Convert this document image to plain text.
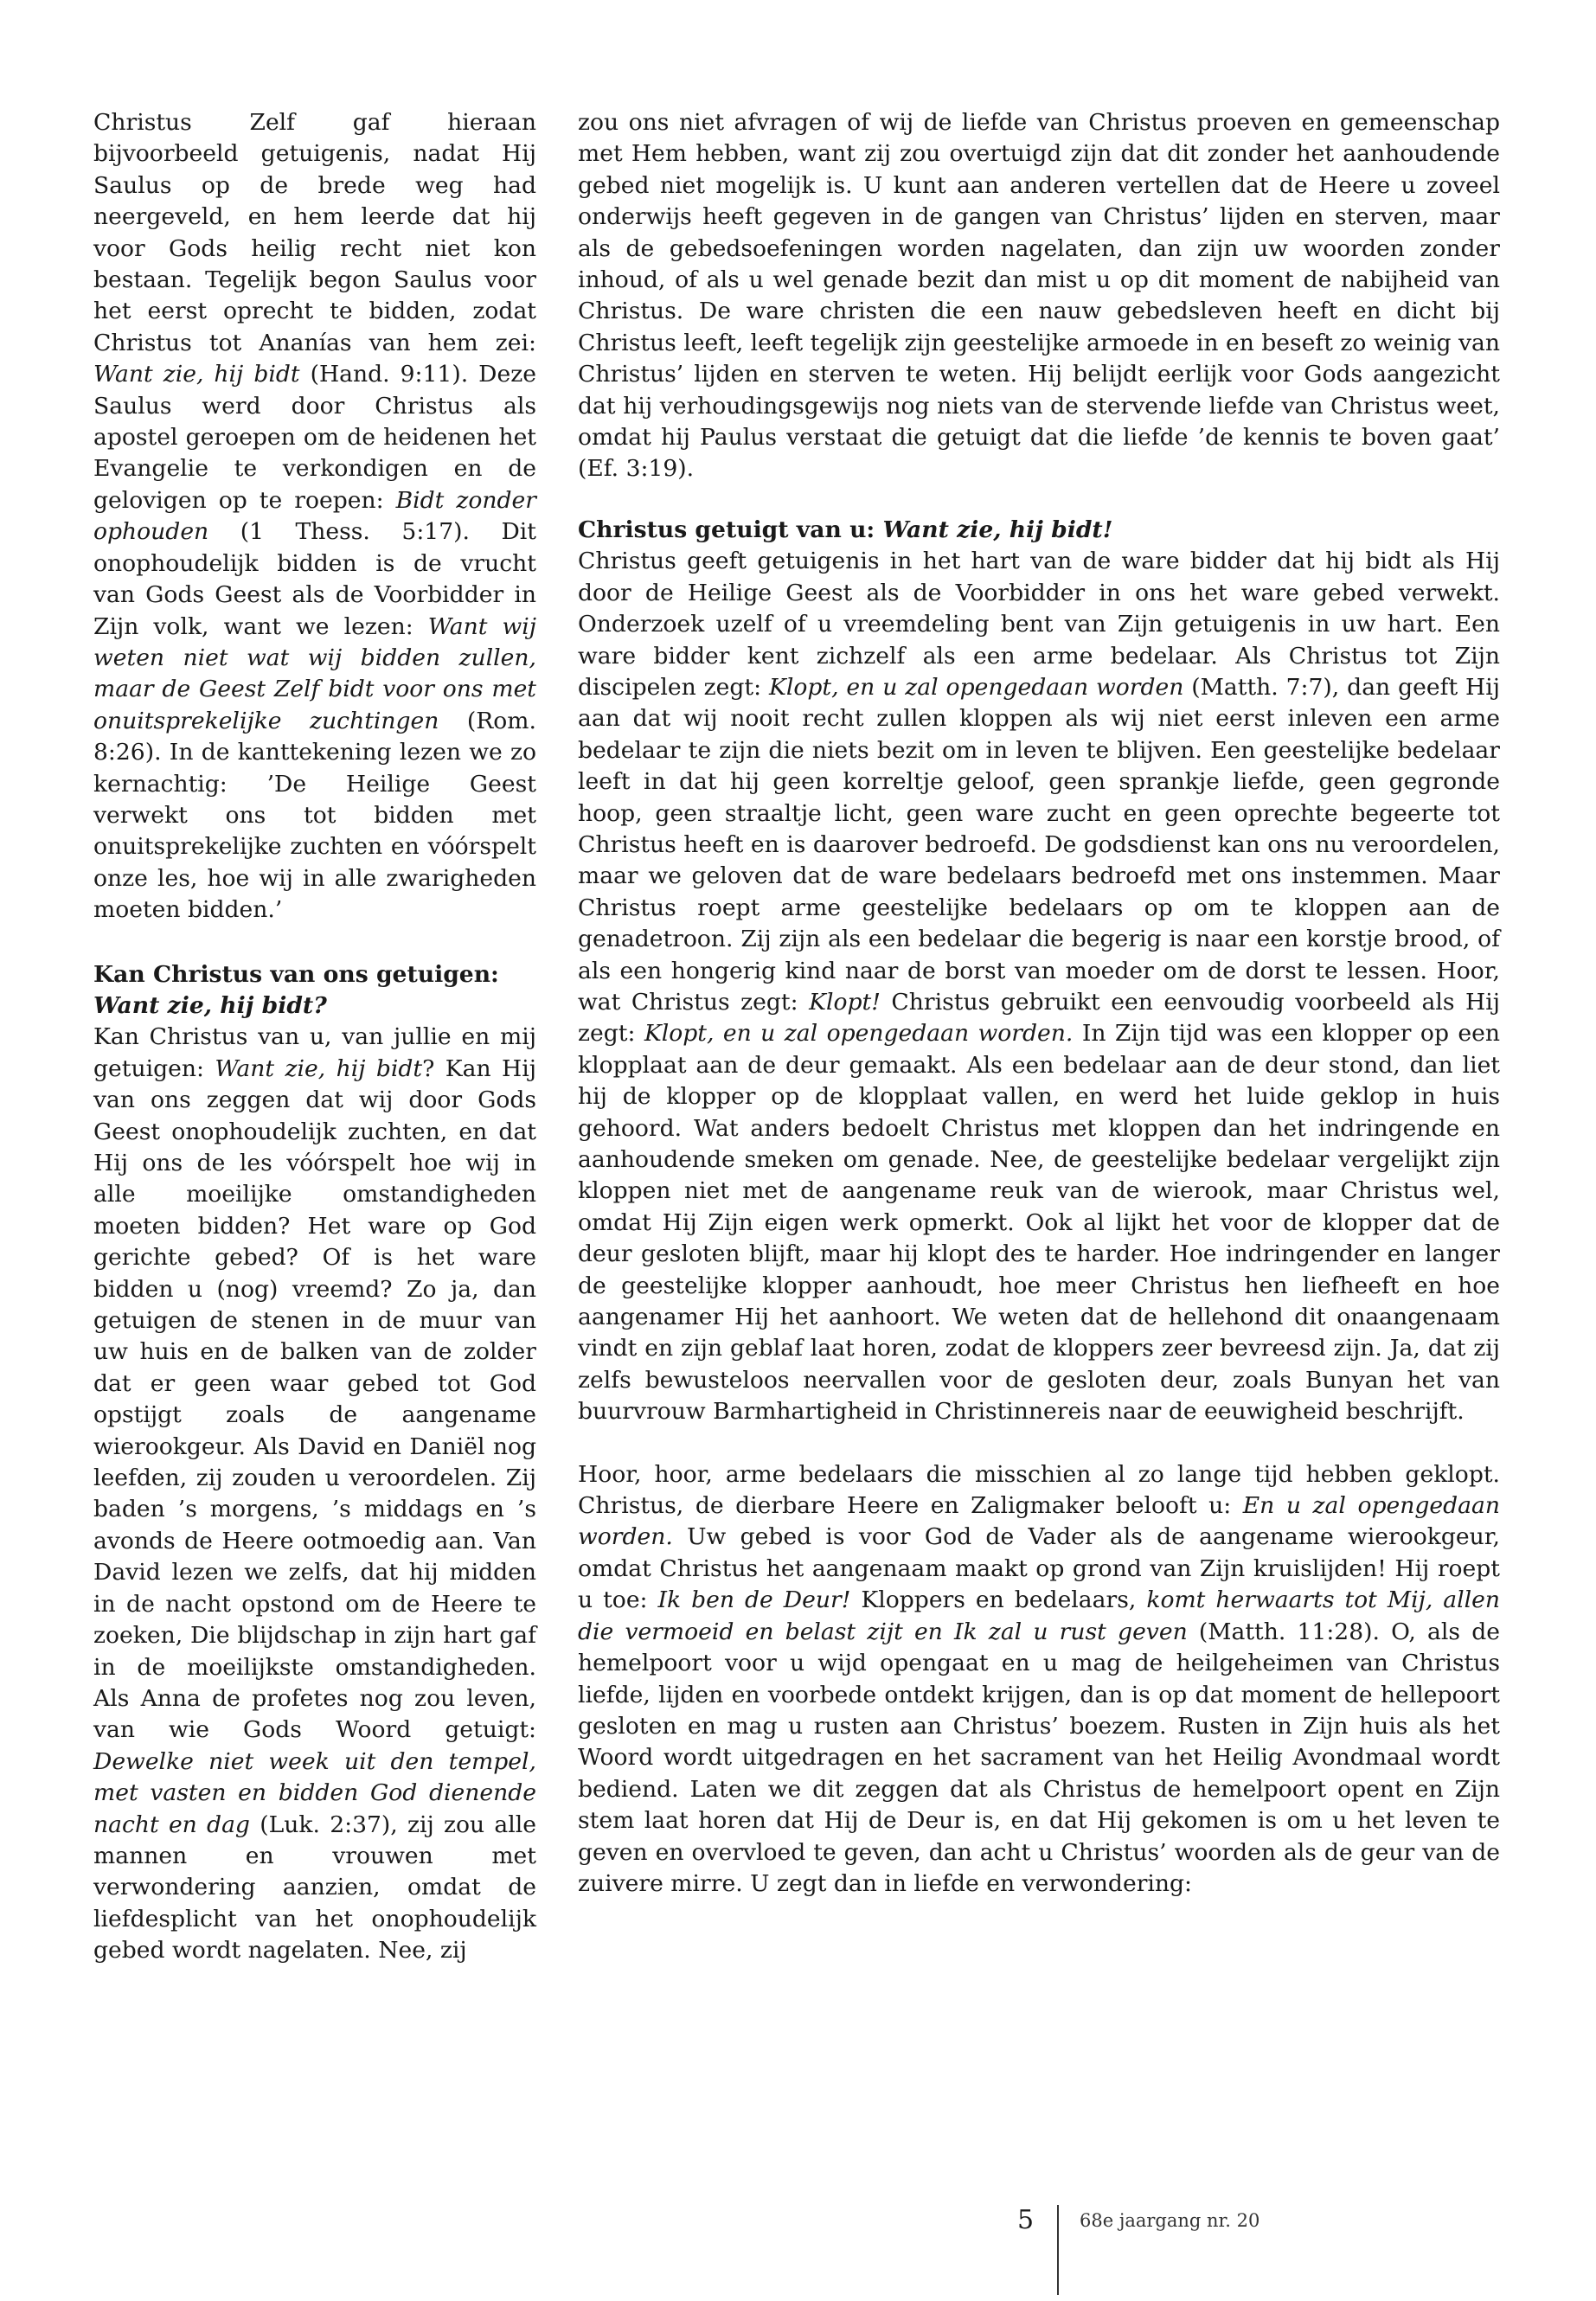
Christus Zelf gaf hieraan bijvoorbeeld getuigenis, nadat Hij Saulus op de brede weg had neergeveld, en hem leerde dat hij voor Gods heilig recht niet kon bestaan. Tegelijk begon Saulus voor het eerst oprecht te bidden, zodat Christus tot Ananías van hem zei: Want zie, hij bidt (Hand. 9:11). Deze Saulus werd door Christus als apostel geroepen om de heidenen het Evangelie te verkondigen en de gelovigen op te roepen: Bidt zonder ophouden (1 Thess. 5:17). Dit onophoudelijk bidden is de vrucht van Gods Geest als de Voorbidder in Zijn volk, want we lezen: Want wij weten niet wat wij bidden zullen, maar de Geest Zelf bidt voor ons met onuitsprekelijke zuchtingen (Rom. 8:26). In de kanttekening lezen we zo kernachtig: ’De Heilige Geest verwekt ons tot bidden met onuitsprekelijke zuchten en vóórspelt onze les, hoe wij in alle zwarigheden moeten bidden.’

Kan Christus van ons getuigen:
Want zie, hij bidt?

Kan Christus van u, van jullie en mij getuigen: Want zie, hij bidt? Kan Hij van ons zeggen dat wij door Gods Geest onophoudelijk zuchten, en dat Hij ons de les vóórspelt hoe wij in alle moeilijke omstandigheden moeten bidden? Het ware op God gerichte gebed? Of is het ware bidden u (nog) vreemd? Zo ja, dan getuigen de stenen in de muur van uw huis en de balken van de zolder dat er geen waar gebed tot God opstijgt zoals de aangename wierookgeur. Als David en Daniël nog leefden, zij zouden u veroordelen. Zij baden ’s morgens, ’s middags en ’s avonds de Heere ootmoedig aan. Van David lezen we zelfs, dat hij midden in de nacht opstond om de Heere te zoeken, Die blijdschap in zijn hart gaf in de moeilijkste omstandigheden. Als Anna de profetes nog zou leven, van wie Gods Woord getuigt: Dewelke niet week uit den tempel, met vasten en bidden God dienende nacht en dag (Luk. 2:37), zij zou alle mannen en vrouwen met verwondering aanzien, omdat de liefdesplicht van het onophoudelijk gebed wordt nagelaten. Nee, zij

zou ons niet afvragen of wij de liefde van Christus proeven en gemeenschap met Hem hebben, want zij zou overtuigd zijn dat dit zonder het aanhoudende gebed niet mogelijk is. U kunt aan anderen vertellen dat de Heere u zoveel onderwijs heeft gegeven in de gangen van Christus’ lijden en sterven, maar als de gebedsoefeningen worden nagelaten, dan zijn uw woorden zonder inhoud, of als u wel genade bezit dan mist u op dit moment de nabijheid van Christus. De ware christen die een nauw gebedsleven heeft en dicht bij Christus leeft, leeft tegelijk zijn geestelijke armoede in en beseft zo weinig van Christus’ lijden en sterven te weten. Hij belijdt eerlijk voor Gods aangezicht dat hij verhoudingsgewijs nog niets van de stervende liefde van Christus weet, omdat hij Paulus verstaat die getuigt dat die liefde ’de kennis te boven gaat’ (Ef. 3:19).

Christus getuigt van u: Want zie, hij bidt!

Christus geeft getuigenis in het hart van de ware bidder dat hij bidt als Hij door de Heilige Geest als de Voorbidder in ons het ware gebed verwekt. Onderzoek uzelf of u vreemdeling bent van Zijn getuigenis in uw hart. Een ware bidder kent zichzelf als een arme bedelaar. Als Christus tot Zijn discipelen zegt: Klopt, en u zal opengedaan worden (Matth. 7:7), dan geeft Hij aan dat wij nooit recht zullen kloppen als wij niet eerst inleven een arme bedelaar te zijn die niets bezit om in leven te blijven. Een geestelijke bedelaar leeft in dat hij geen korreltje geloof, geen sprankje liefde, geen gegronde hoop, geen straaltje licht, geen ware zucht en geen oprechte begeerte tot Christus heeft en is daarover bedroefd. De godsdienst kan ons nu veroordelen, maar we geloven dat de ware bedelaars bedroefd met ons instemmen. Maar Christus roept arme geestelijke bedelaars op om te kloppen aan de genadetroon. Zij zijn als een bedelaar die begerig is naar een korstje brood, of als een hongerig kind naar de borst van moeder om de dorst te lessen. Hoor, wat Christus zegt: Klopt! Christus gebruikt een eenvoudig voorbeeld als Hij zegt: Klopt, en u zal opengedaan worden. In Zijn tijd was een klopper op een klopplaat aan de deur gemaakt. Als een bedelaar aan de deur stond, dan liet hij de klopper op de klopplaat vallen, en werd het luide geklop in huis gehoord. Wat anders bedoelt Christus met kloppen dan het indringende en aanhoudende smeken om genade. Nee, de geestelijke bedelaar vergelijkt zijn kloppen niet met de aangename reuk van de wierook, maar Christus wel, omdat Hij Zijn eigen werk opmerkt. Ook al lijkt het voor de klopper dat de deur gesloten blijft, maar hij klopt des te harder. Hoe indringender en langer de geestelijke klopper aanhoudt, hoe meer Christus hen liefheeft en hoe aangenamer Hij het aanhoort. We weten dat de hellehond dit onaangenaam vindt en zijn geblaf laat horen, zodat de kloppers zeer bevreesd zijn. Ja, dat zij zelfs bewusteloos neervallen voor de gesloten deur, zoals Bunyan het van buurvrouw Barmhartigheid in Christinnereis naar de eeuwigheid beschrijft.

Hoor, hoor, arme bedelaars die misschien al zo lange tijd hebben geklopt. Christus, de dierbare Heere en Zaligmaker belooft u: En u zal opengedaan worden. Uw gebed is voor God de Vader als de aangename wierookgeur, omdat Christus het aangenaam maakt op grond van Zijn kruislijden! Hij roept u toe: Ik ben de Deur! Kloppers en bedelaars, komt herwaarts tot Mij, allen die vermoeid en belast zijt en Ik zal u rust geven (Matth. 11:28). O, als de hemelpoort voor u wijd opengaat en u mag de heilgeheimen van Christus liefde, lijden en voorbede ontdekt krijgen, dan is op dat moment de hellepoort gesloten en mag u rusten aan Christus’ boezem. Rusten in Zijn huis als het Woord wordt uitgedragen en het sacrament van het Heilig Avondmaal wordt bediend. Laten we dit zeggen dat als Christus de hemelpoort opent en Zijn stem laat horen dat Hij de Deur is, en dat Hij gekomen is om u het leven te geven en overvloed te geven, dan acht u Christus’ woorden als de geur van de zuivere mirre. U zegt dan in liefde en verwondering:

5	68e jaargang nr. 20
